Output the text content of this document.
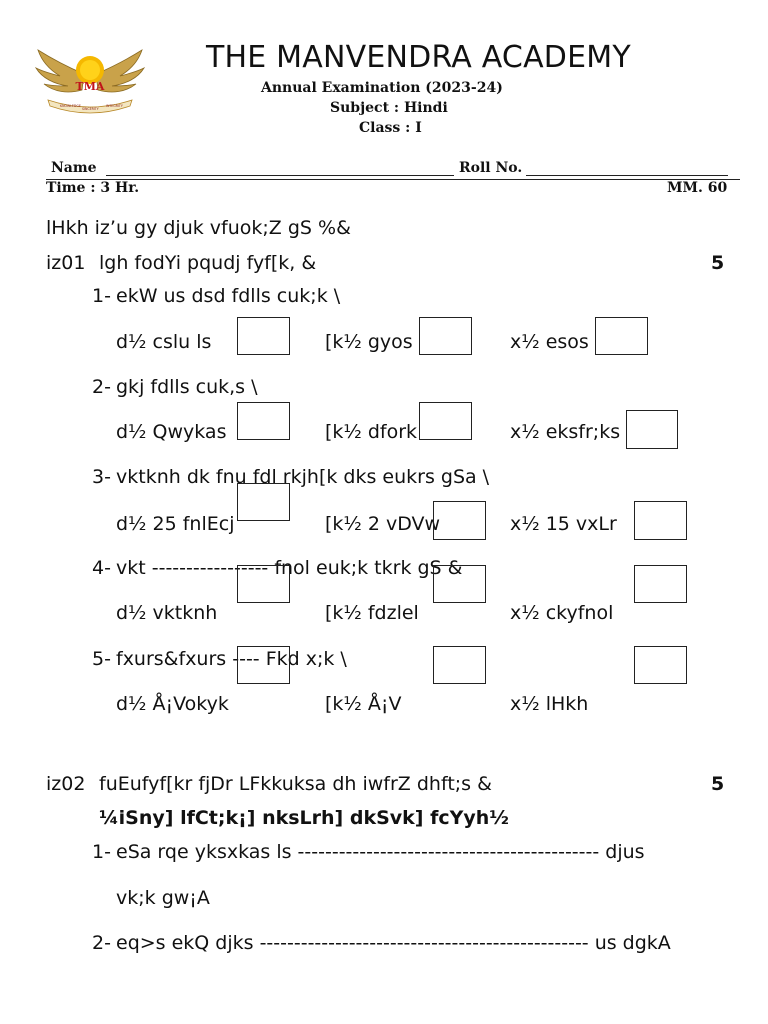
TMA
KNOWLEDGE
SINCERITY
INTEGRITY
THE MANVENDRA ACADEMY
Annual Examination (2023-24)
Subject : Hindi
Class : I
Name	Roll No.
Time : 3 Hr.	MM. 60
lHkh iz’u gy djuk vfuok;Z gS %&
iz01 lgh fodYi pqudj fyf[k, &	5
1- ekW us dsd fdlls cuk;k \
d½ cslu ls	[k½ gyos	x½ esos
2- gkj fdlls cuk,s \
d½ Qwykas	[k½ dfork	x½ eksfr;ks
3- vktknh dk fnu fdl rkjh[k dks eukrs gSa \
d½ 25 fnlEcj	[k½ 2 vDVw	x½ 15 vxLr
4- vkt ----------------- fnol euk;k tkrk gS &
d½ vktknh	[k½ fdzlel	x½ ckyfnol
5- fxurs&fxurs ---- Fkd x;k \
d½ Å¡Vokyk	[k½ Å¡V	x½ lHkh
iz02 fuEufyf[kr fjDr LFkkuksa dh iwfrZ dhft;s &	5
¼iSny] lfCt;k¡] nksLrh] dkSvk] fcYyh½
1- eSa rqe yksxkas ls -------------------------------------------- djus
vk;k gw¡A
2- eq>s ekQ djks ------------------------------------------------ us dgkA
